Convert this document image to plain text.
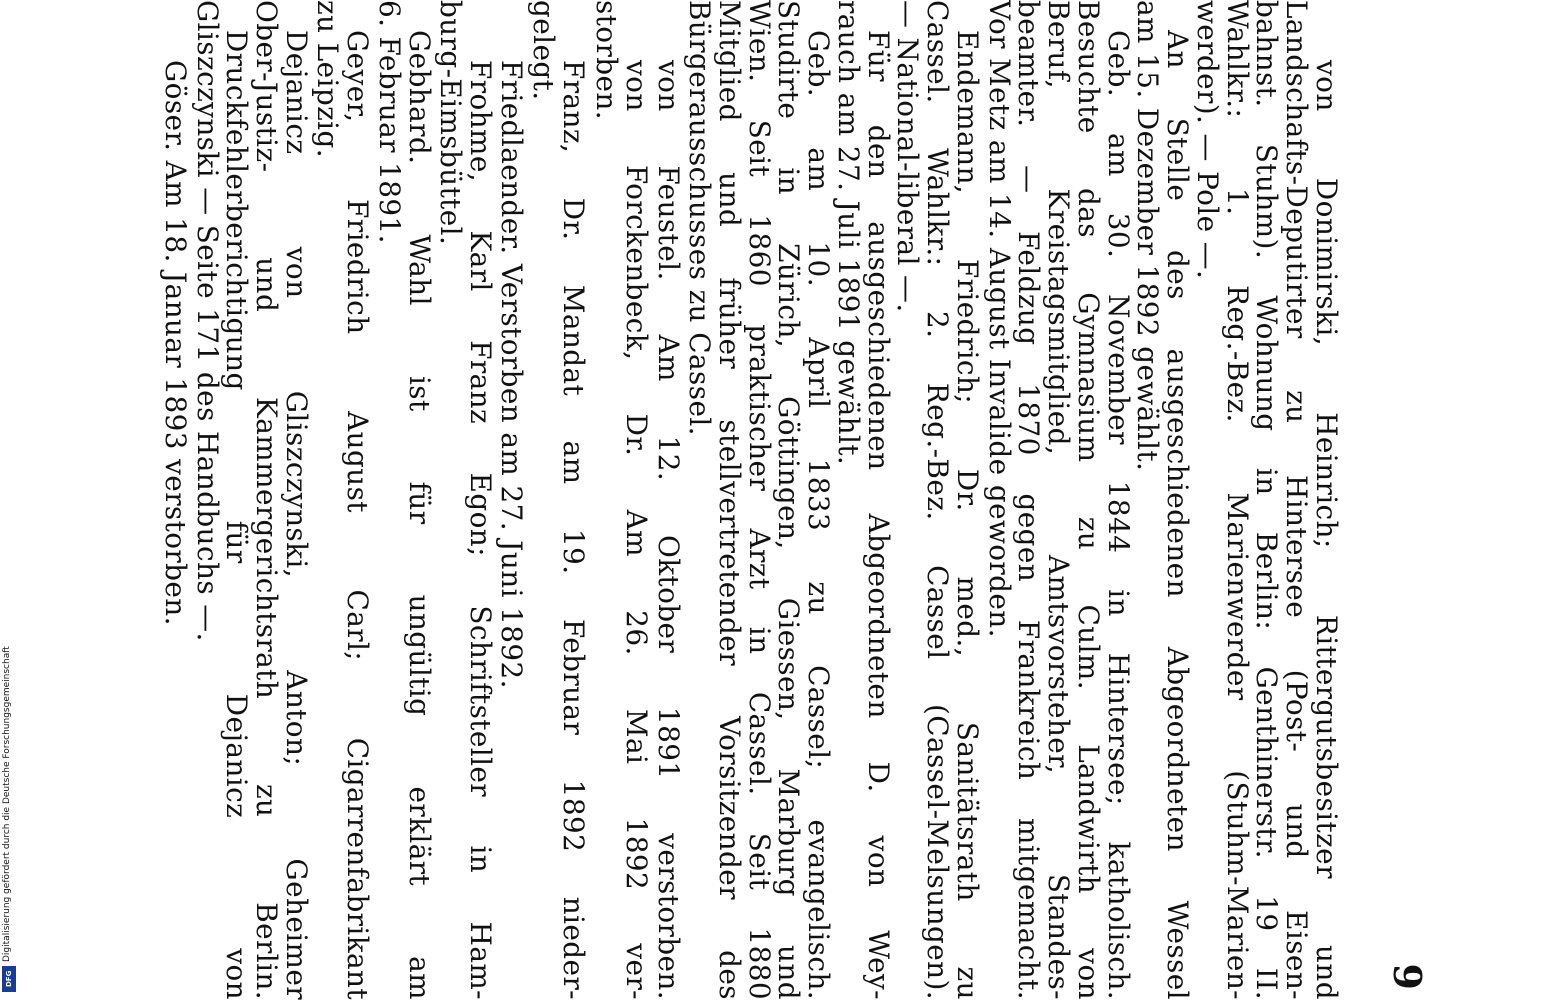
9
von Donimirski, Heinrich; Rittergutsbesitzer und
Landschafts-Deputirter zu Hintersee (Post- und Eisen-
bahnst. Stuhm). Wohnung in Berlin: Genthinerstr. 19 II.
Wahlkr.: 1. Reg.-Bez. Marienwerder (Stuhm-Marien-
werder). — Pole —.
An Stelle des ausgeschiedenen Abgeordneten Wessel
am 15. Dezember 1892 gewählt.
Geb. am 30. November 1844 in Hintersee; katholisch.
Besuchte das Gymnasium zu Culm. Landwirth von
Beruf, Kreistagsmitglied, Amtsvorsteher, Standes-
beamter. — Feldzug 1870 gegen Frankreich mitgemacht.
Vor Metz am 14. August Invalide geworden.
Endemann, Friedrich; Dr. med., Sanitätsrath zu
Cassel. Wahlkr.: 2. Reg.-Bez. Cassel (Cassel-Melsungen).
— National-liberal —.
Für den ausgeschiedenen Abgeordneten D. von Wey-
rauch am 27. Juli 1891 gewählt.
Geb. am 10. April 1833 zu Cassel; evangelisch.
Studirte in Zürich, Göttingen, Giessen, Marburg und
Wien. Seit 1860 praktischer Arzt in Cassel. Seit 1880
Mitglied und früher stellvertretender Vorsitzender des
Bürgerausschusses zu Cassel.
von Feustel. Am 12. Oktober 1891 verstorben.
von Forckenbeck, Dr. Am 26. Mai 1892 ver-
storben.
Franz, Dr. Mandat am 19. Februar 1892 nieder-
gelegt.
Friedlaender. Verstorben am 27. Juni 1892.
Frohme, Karl Franz Egon; Schriftsteller in Ham-
burg-Eimsbüttel.
Gebhard. Wahl ist für ungültig erklärt am
6. Februar 1891.
Geyer, Friedrich August Carl; Cigarrenfabrikant
zu Leipzig.
Dejanicz von Gliszczynski, Anton; Geheimer
Ober-Justiz- und Kammergerichtsrath zu Berlin.
Druckfehlerberichtigung für Dejanicz von
Gliszczynski — Seite 171 des Handbuchs —.
Göser. Am 18. Januar 1893 verstorben.
Digitalisierung gefördert durch die Deutsche Forschungsgemeinschaft
DFG
